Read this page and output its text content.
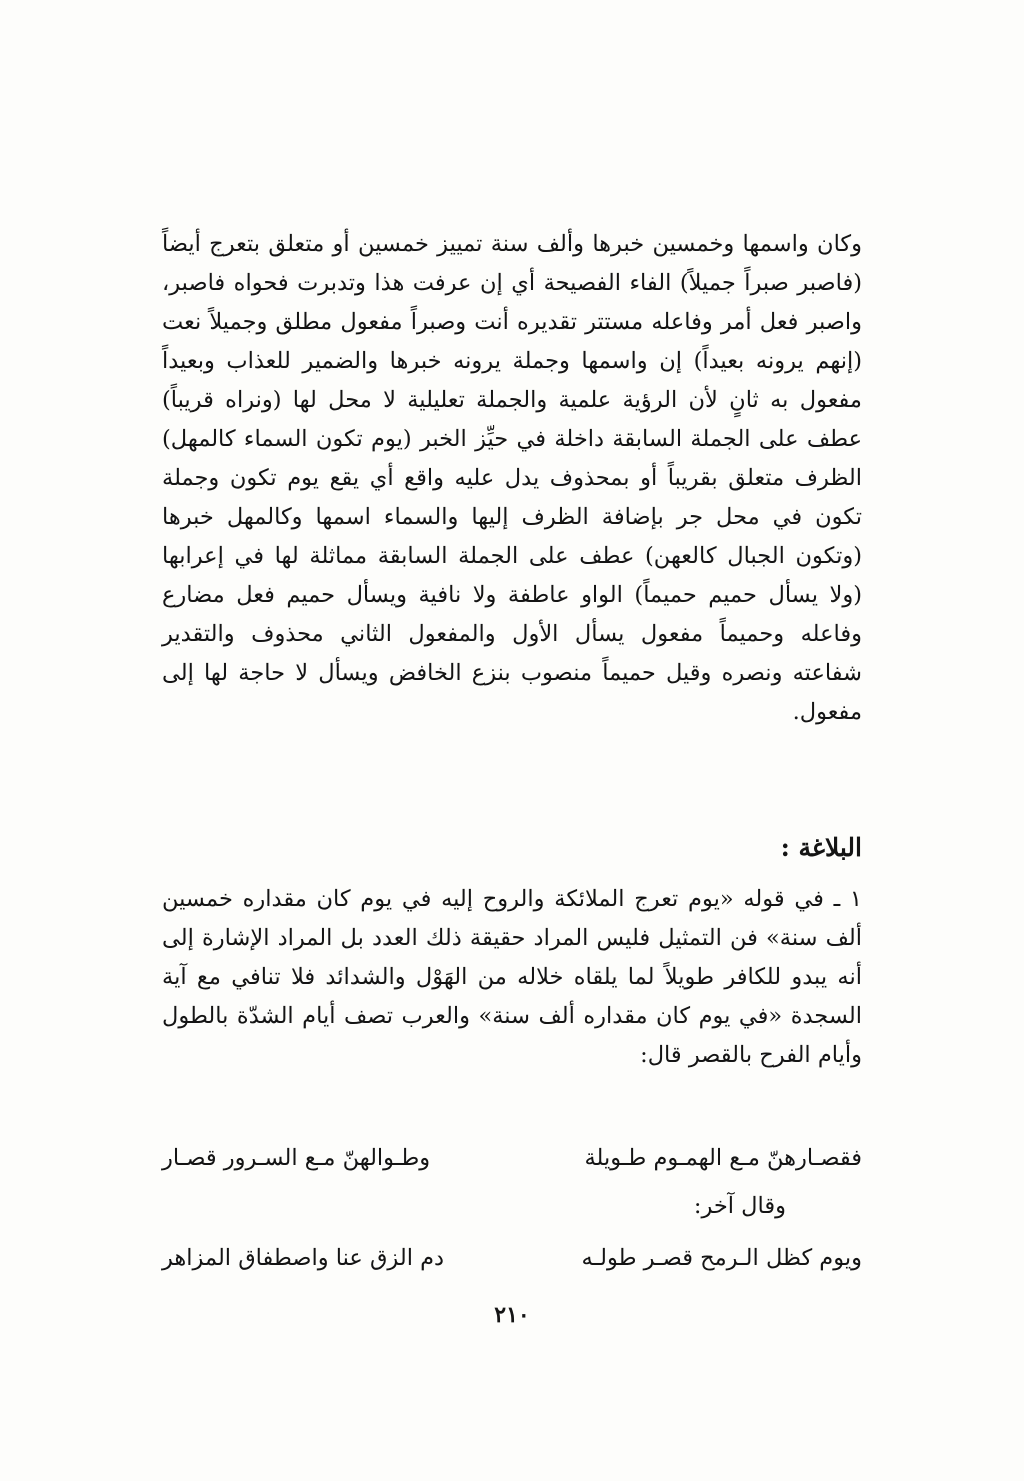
وكان واسمها وخمسين خبرها وألف سنة تمييز خمسين أو متعلق بتعرج أيضاً (فاصبر صبراً جميلاً) الفاء الفصيحة أي إن عرفت هذا وتدبرت فحواه فاصبر، واصبر فعل أمر وفاعله مستتر تقديره أنت وصبراً مفعول مطلق وجميلاً نعت (إنهم يرونه بعيداً) إن واسمها وجملة يرونه خبرها والضمير للعذاب وبعيداً مفعول به ثانٍ لأن الرؤية علمية والجملة تعليلية لا محل لها (ونراه قريباً) عطف على الجملة السابقة داخلة في حيِّز الخبر (يوم تكون السماء كالمهل) الظرف متعلق بقريباً أو بمحذوف يدل عليه واقع أي يقع يوم تكون وجملة تكون في محل جر بإضافة الظرف إليها والسماء اسمها وكالمهل خبرها (وتكون الجبال كالعهن) عطف على الجملة السابقة مماثلة لها في إعرابها (ولا يسأل حميم حميماً) الواو عاطفة ولا نافية ويسأل حميم فعل مضارع وفاعله وحميماً مفعول يسأل الأول والمفعول الثاني محذوف والتقدير شفاعته ونصره وقيل حميماً منصوب بنزع الخافض ويسأل لا حاجة لها إلى مفعول.
البلاغة :
١ ـ في قوله «يوم تعرج الملائكة والروح إليه في يوم كان مقداره خمسين ألف سنة» فن التمثيل فليس المراد حقيقة ذلك العدد بل المراد الإشارة إلى أنه يبدو للكافر طويلاً لما يلقاه خلاله من الهَوْل والشدائد فلا تنافي مع آية السجدة «في يوم كان مقداره ألف سنة» والعرب تصف أيام الشدّة بالطول وأيام الفرح بالقصر قال:
فقصـارهنّ مـع الهمـوم طـويلة
وطـوالهنّ مـع السـرور قصـار
وقال آخر:
ويوم كظل الـرمح قصـر طولـه
دم الزق عنا واصطفاق المزاهر
٢١٠
